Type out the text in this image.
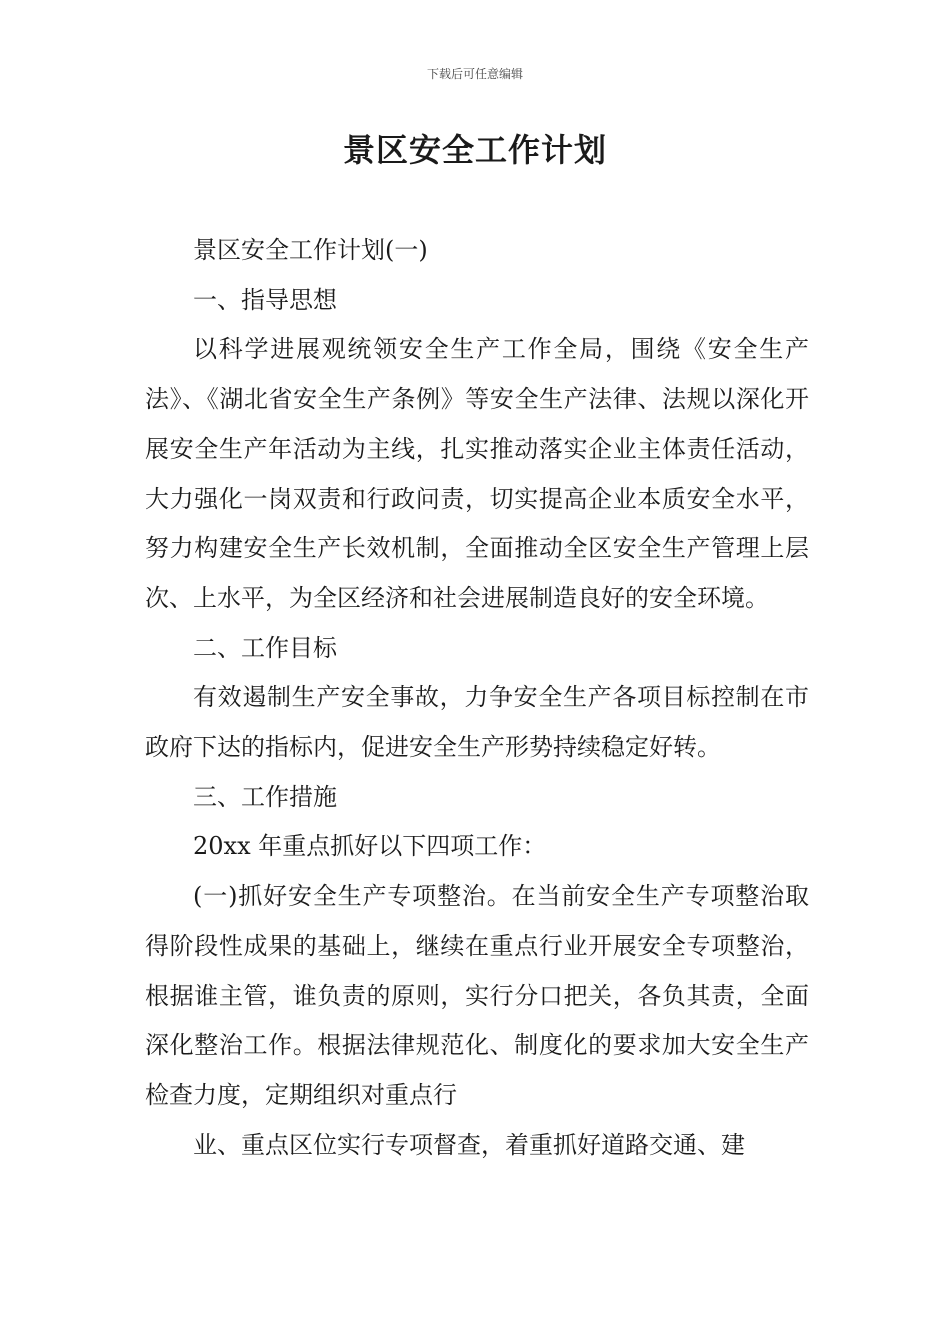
下载后可任意编辑
景区安全工作计划

景区安全工作计划(一)

一、指导思想

以科学进展观统领安全生产工作全局，围绕《安全生产法》、《湖北省安全生产条例》等安全生产法律、法规以深化开展安全生产年活动为主线，扎实推动落实企业主体责任活动，大力强化一岗双责和行政问责，切实提高企业本质安全水平，努力构建安全生产长效机制，全面推动全区安全生产管理上层次、上水平，为全区经济和社会进展制造良好的安全环境。

二、工作目标

有效遏制生产安全事故，力争安全生产各项目标控制在市政府下达的指标内，促进安全生产形势持续稳定好转。

三、工作措施

20xx 年重点抓好以下四项工作：

(一)抓好安全生产专项整治。在当前安全生产专项整治取得阶段性成果的基础上，继续在重点行业开展安全专项整治，根据谁主管，谁负责的原则，实行分口把关，各负其责，全面深化整治工作。根据法律规范化、制度化的要求加大安全生产检查力度，定期组织对重点行

业、重点区位实行专项督查，着重抓好道路交通、建
